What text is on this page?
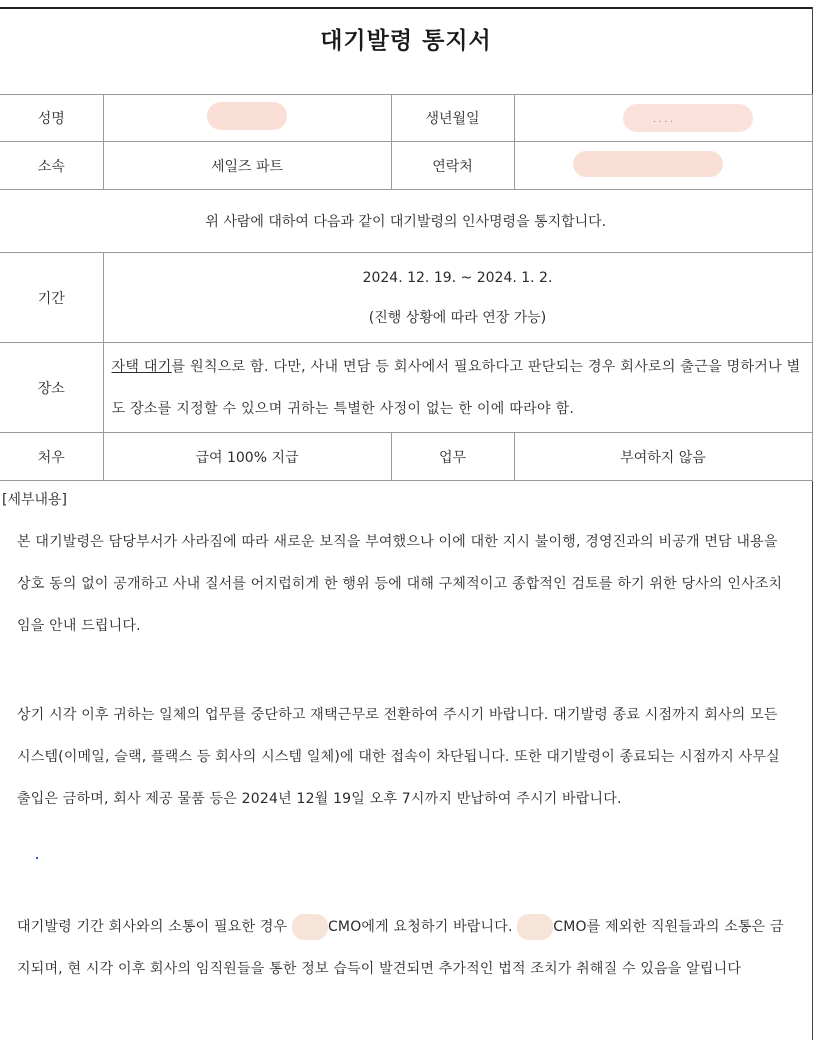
대기발령 통지서
성명		생년월일	. . . .

소속	세일즈 파트	연락처	
위 사람에 대하여 다음과 같이 대기발령의 인사명령을 통지합니다.			
기간	2024. 12. 19. ~ 2024. 1. 2.
(진행 상황에 따라 연장 가능)		

장소	자택 대기를 원칙으로 함. 다만, 사내 면담 등 회사에서 필요하다고 판단되는 경우 회사로의 출근을 명하거나 별도 장소를 지정할 수 있으며 귀하는 특별한 사정이 없는 한 이에 따라야 함.		
처우	급여 100% 지급	업무	부여하지 않음
[세부내용]
본 대기발령은 담당부서가 사라짐에 따라 새로운 보직을 부여했으나 이에 대한 지시 불이행, 경영진과의 비공개 면담 내용을 상호 동의 없이 공개하고 사내 질서를 어지럽히게 한 행위 등에 대해 구체적이고 종합적인 검토를 하기 위한 당사의 인사조치임을 안내 드립니다.
상기 시각 이후 귀하는 일체의 업무를 중단하고 재택근무로 전환하여 주시기 바랍니다. 대기발령 종료 시점까지 회사의 모든 시스템(이메일, 슬랙, 플랙스 등 회사의 시스템 일체)에 대한 접속이 차단됩니다. 또한 대기발령이 종료되는 시점까지 사무실 출입은 금하며, 회사 제공 물품 등은 2024년 12월 19일 오후 7시까지 반납하여 주시기 바랍니다.
대기발령 기간 회사와의 소통이 필요한 경우	CMO에게 요청하기 바랍니다.	CMO를 제외한 직원들과의 소통은 금지되며, 현 시각 이후 회사의 임직원들을 통한 정보 습득이 발견되면 추가적인 법적 조치가 취해질 수 있음을 알립니다
